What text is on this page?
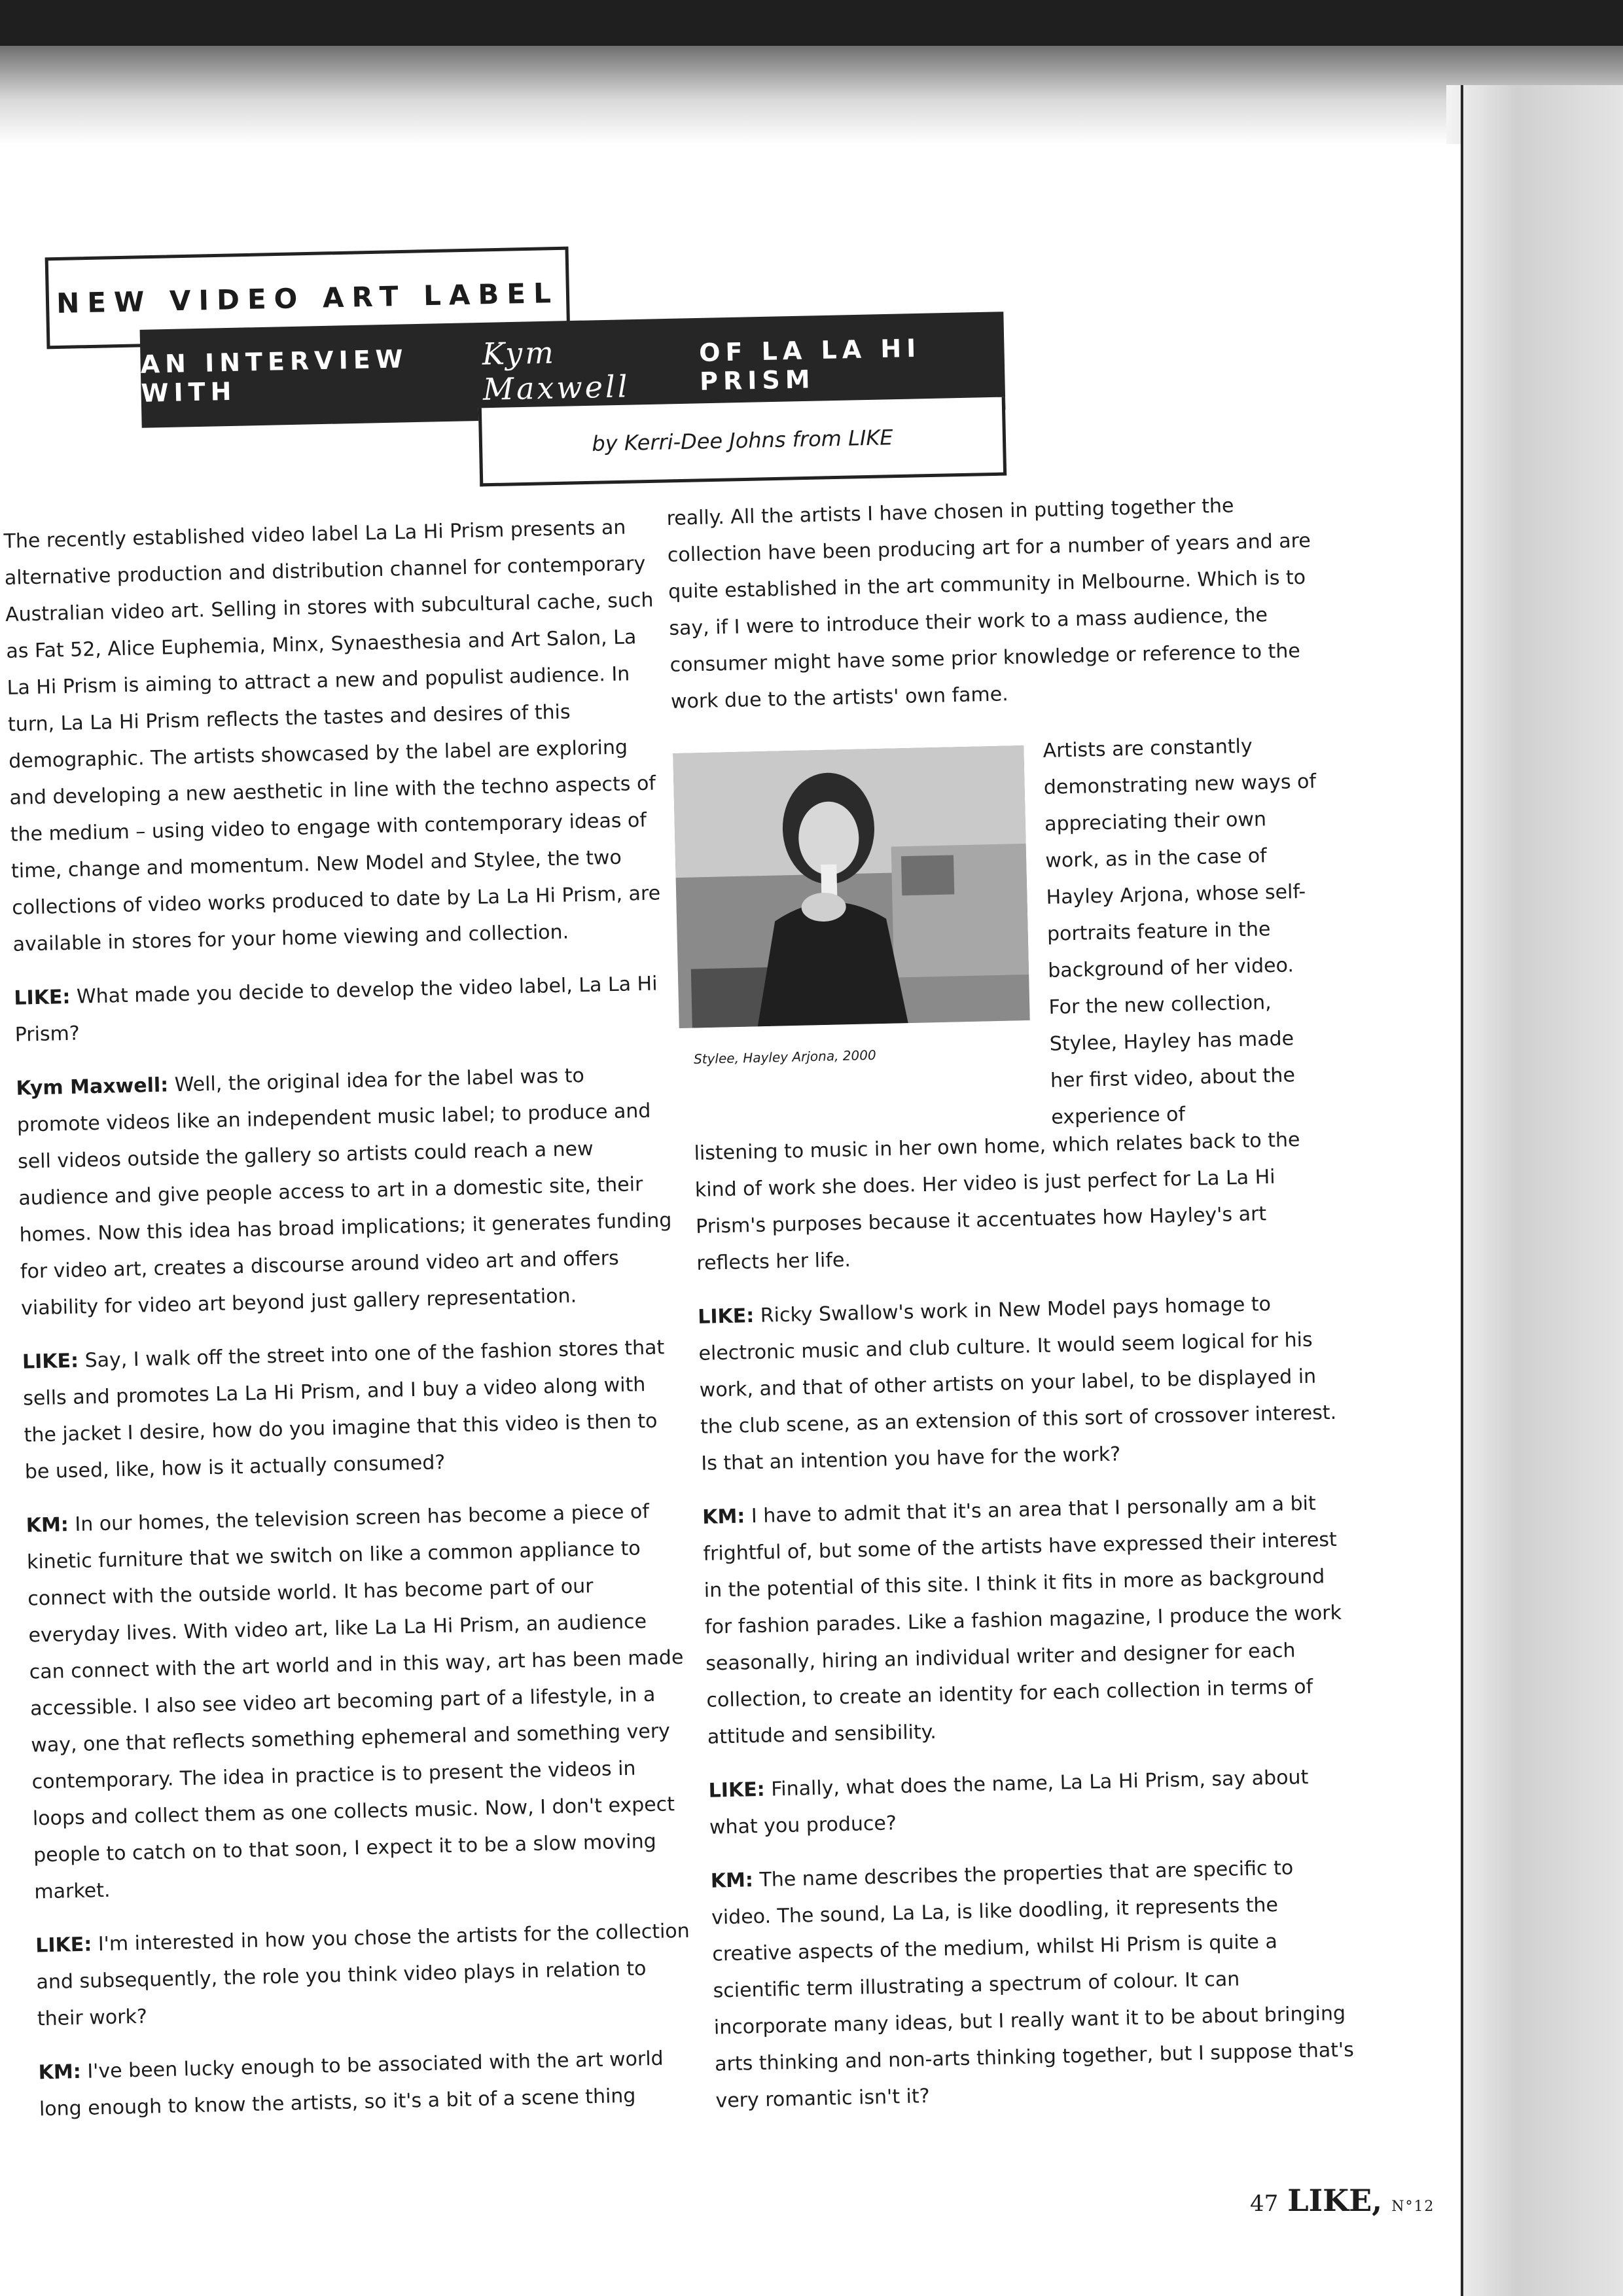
NEW VIDEO ART LABEL
AN INTERVIEW WITH
Kym Maxwell
OF LA LA HI PRISM
by Kerri-Dee Johns from LIKE

The recently established video label La La Hi Prism presents an alternative production and distribution channel for contemporary Australian video art. Selling in stores with subcultural cache, such as Fat 52, Alice Euphemia, Minx, Synaesthesia and Art Salon, La La Hi Prism is aiming to attract a new and populist audience. In turn, La La Hi Prism reflects the tastes and desires of this demographic. The artists showcased by the label are exploring and developing a new aesthetic in line with the techno aspects of the medium – using video to engage with contemporary ideas of time, change and momentum. New Model and Stylee, the two collections of video works produced to date by La La Hi Prism, are available in stores for your home viewing and collection.

LIKE: What made you decide to develop the video label, La La Hi Prism?

Kym Maxwell: Well, the original idea for the label was to promote videos like an independent music label; to produce and sell videos outside the gallery so artists could reach a new audience and give people access to art in a domestic site, their homes. Now this idea has broad implications; it generates funding for video art, creates a discourse around video art and offers viability for video art beyond just gallery representation.

LIKE: Say, I walk off the street into one of the fashion stores that sells and promotes La La Hi Prism, and I buy a video along with the jacket I desire, how do you imagine that this video is then to be used, like, how is it actually consumed?

KM: In our homes, the television screen has become a piece of kinetic furniture that we switch on like a common appliance to connect with the outside world. It has become part of our everyday lives. With video art, like La La Hi Prism, an audience can connect with the art world and in this way, art has been made accessible. I also see video art becoming part of a lifestyle, in a way, one that reflects something ephemeral and something very contemporary. The idea in practice is to present the videos in loops and collect them as one collects music. Now, I don't expect people to catch on to that soon, I expect it to be a slow moving market.

LIKE: I'm interested in how you chose the artists for the collection and subsequently, the role you think video plays in relation to their work?

KM: I've been lucky enough to be associated with the art world long enough to know the artists, so it's a bit of a scene thing

really. All the artists I have chosen in putting together the collection have been producing art for a number of years and are quite established in the art community in Melbourne. Which is to say, if I were to introduce their work to a mass audience, the consumer might have some prior knowledge or reference to the work due to the artists' own fame.

Stylee, Hayley Arjona, 2000
Artists are constantly demonstrating new ways of appreciating their own work, as in the case of Hayley Arjona, whose self-portraits feature in the background of her video. For the new collection, Stylee, Hayley has made her first video, about the experience of

listening to music in her own home, which relates back to the kind of work she does. Her video is just perfect for La La Hi Prism's purposes because it accentuates how Hayley's art reflects her life.

LIKE: Ricky Swallow's work in New Model pays homage to electronic music and club culture. It would seem logical for his work, and that of other artists on your label, to be displayed in the club scene, as an extension of this sort of crossover interest. Is that an intention you have for the work?

KM: I have to admit that it's an area that I personally am a bit frightful of, but some of the artists have expressed their interest in the potential of this site. I think it fits in more as background for fashion parades. Like a fashion magazine, I produce the work seasonally, hiring an individual writer and designer for each collection, to create an identity for each collection in terms of attitude and sensibility.

LIKE: Finally, what does the name, La La Hi Prism, say about what you produce?

KM: The name describes the properties that are specific to video. The sound, La La, is like doodling, it represents the creative aspects of the medium, whilst Hi Prism is quite a scientific term illustrating a spectrum of colour. It can incorporate many ideas, but I really want it to be about bringing arts thinking and non-arts thinking together, but I suppose that's very romantic isn't it?

47 LIKE, N°12
